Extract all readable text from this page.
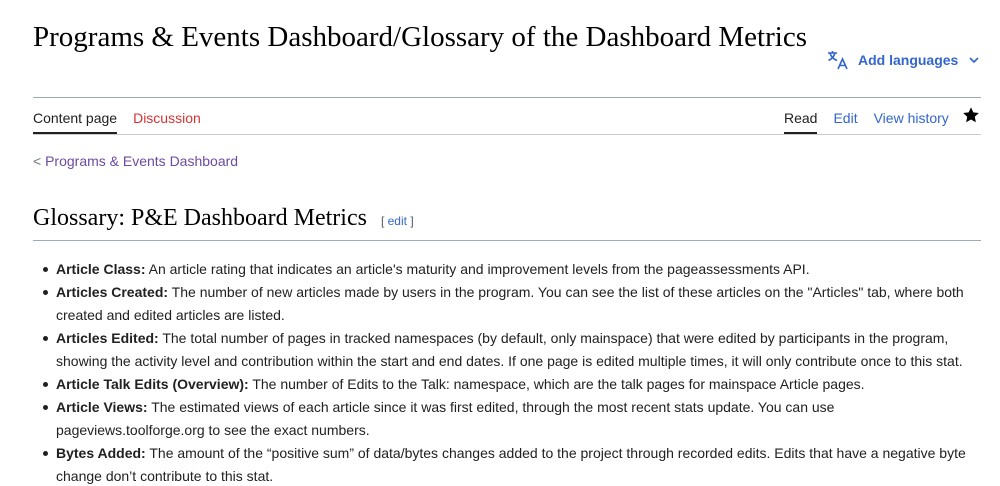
Programs & Events Dashboard/Glossary of the Dashboard Metrics
Add languages
Content page Discussion	Read Edit View history
< Programs & Events Dashboard
Glossary: P&E Dashboard Metrics [ edit ]
Article Class: An article rating that indicates an article's maturity and improvement levels from the pageassessments API.
Articles Created: The number of new articles made by users in the program. You can see the list of these articles on the "Articles" tab, where both created and edited articles are listed.
Articles Edited: The total number of pages in tracked namespaces (by default, only mainspace) that were edited by participants in the program, showing the activity level and contribution within the start and end dates. If one page is edited multiple times, it will only contribute once to this stat.
Article Talk Edits (Overview): The number of Edits to the Talk: namespace, which are the talk pages for mainspace Article pages.
Article Views: The estimated views of each article since it was first edited, through the most recent stats update. You can use pageviews.toolforge.org to see the exact numbers.
Bytes Added: The amount of the “positive sum” of data/bytes changes added to the project through recorded edits. Edits that have a negative byte change don’t contribute to this stat.
